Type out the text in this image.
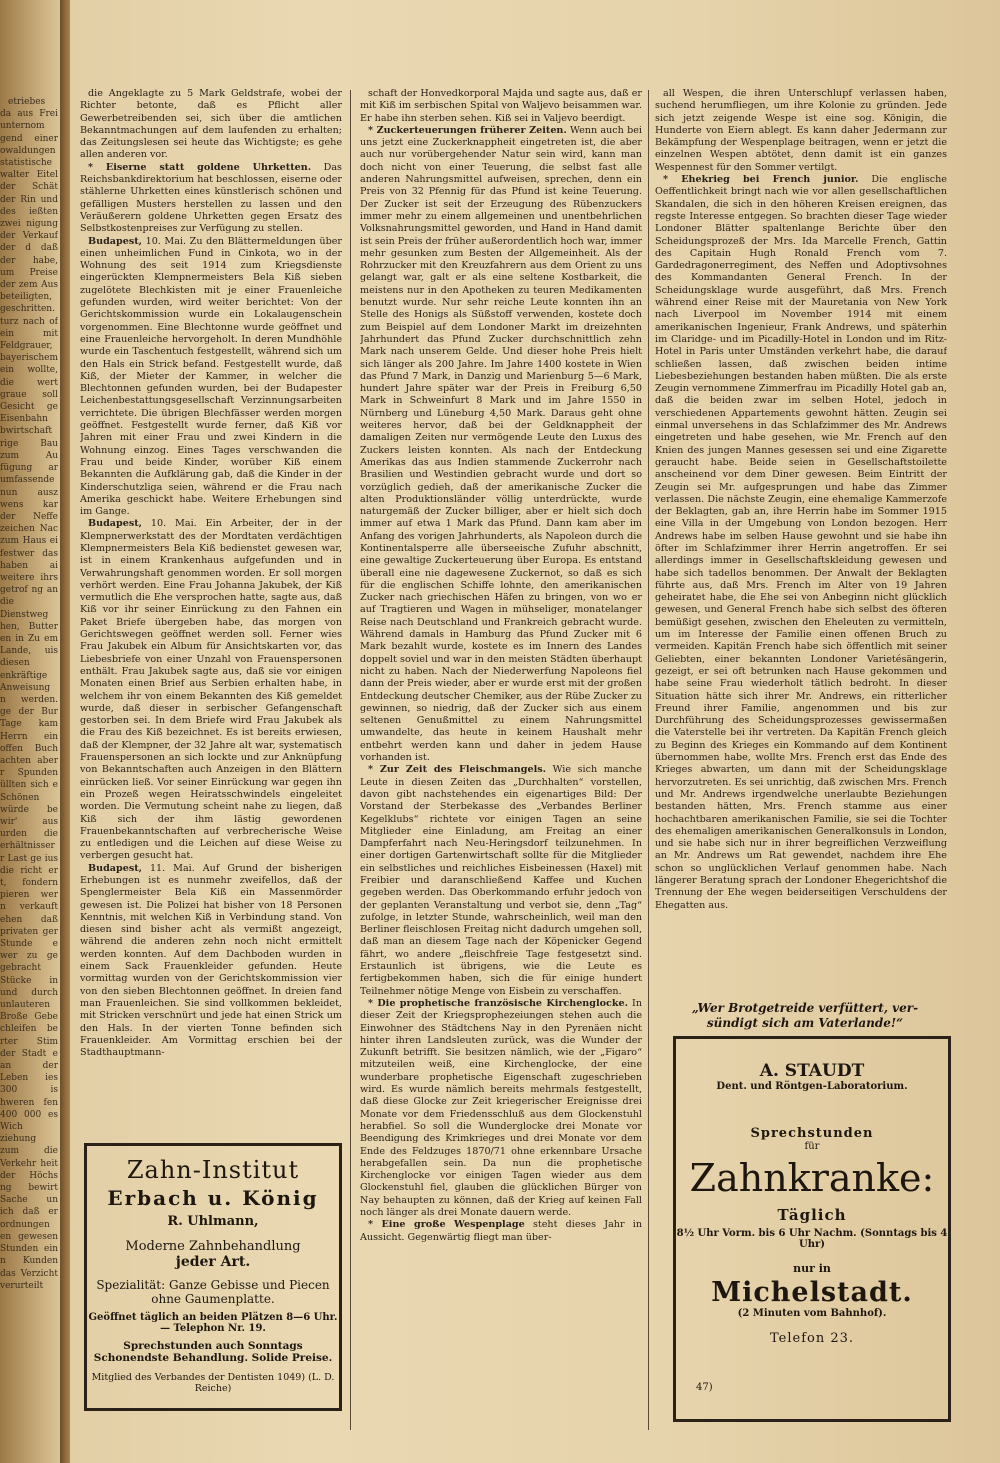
etriebes da aus Frei unternom gend einer owaldungen statistische walter Eitel der Schät der Rin und des ießten zwei nigung der Verkauf der d daß der habe, um Preise der zem Aus beteiligten, geschritten. turz nach of ein mit Feldgrauer, bayerischem ein wollte, die wert graue soll Gesicht ge Eisenbahn bwirtschaft rige Bau zum Au fügung ar umfassende nun ausz wens kar der Neffe zeichen Nac zum Haus ei festwer das haben ai weitere ihrs getrof ng an die Dienstweg hen, Butter en in Zu em Lande, uis diesen enkräftige Anweisung n werden. ge der Bur Tage kam Herrn ein offen Buch achten aber r Spunden üllten sich e Schönen würde be wir' aus urden die erhältnisser r Last ge ius die richt er t, fondern pieren wer n verkauft ehen daß privaten ger Stunde e wer zu ge gebracht Stücke in und durch unlauteren Broße Gebe chleifen be rter Stim der Stadt e an der Leben ies 300 is hweren fen 400 000 es Wich ziehung zum die Verkehr heit der Höchs ng bewirt Sache un ich daß er ordnungen en gewesen Stunden ein n Kunden das Verzicht verurteilt

die Angeklagte zu 5 Mark Geldstrafe, wobei der Richter betonte, daß es Pflicht aller Gewerbetreibenden sei, sich über die amtlichen Bekanntmachungen auf dem laufenden zu erhalten; das Zeitungslesen sei heute das Wichtigste; es gehe allen anderen vor.

* Eiserne statt goldene Uhrketten. Das Reichsbankdirektorium hat beschlossen, eiserne oder stählerne Uhrketten eines künstlerisch schönen und gefälligen Musters herstellen zu lassen und den Veräußerern goldene Uhrketten gegen Ersatz des Selbstkostenpreises zur Verfügung zu stellen.

Budapest, 10. Mai. Zu den Blättermeldungen über einen unheimlichen Fund in Cinkota, wo in der Wohnung des seit 1914 zum Kriegsdienste eingerückten Klempnermeisters Bela Kiß sieben zugelötete Blechkisten mit je einer Frauenleiche gefunden wurden, wird weiter berichtet: Von der Gerichtskommission wurde ein Lokalaugenschein vorgenommen. Eine Blechtonne wurde geöffnet und eine Frauenleiche hervorgeholt. In deren Mundhöhle wurde ein Taschentuch festgestellt, während sich um den Hals ein Strick befand. Festgestellt wurde, daß Kiß, der Mieter der Kammer, in welcher die Blechtonnen gefunden wurden, bei der Budapester Leichenbestattungsgesellschaft Verzinnungsarbeiten verrichtete. Die übrigen Blechfässer werden morgen geöffnet. Festgestellt wurde ferner, daß Kiß vor Jahren mit einer Frau und zwei Kindern in die Wohnung einzog. Eines Tages verschwanden die Frau und beide Kinder, worüber Kiß einem Bekannten die Aufklärung gab, daß die Kinder in der Kinderschutzliga seien, während er die Frau nach Amerika geschickt habe. Weitere Erhebungen sind im Gange.

Budapest, 10. Mai. Ein Arbeiter, der in der Klempnerwerkstatt des der Mordtaten verdächtigen Klempnermeisters Bela Kiß bedienstet gewesen war, ist in einem Krankenhaus aufgefunden und in Verwahrungshaft genommen worden. Er soll morgen verhört werden. Eine Frau Johanna Jakubek, der Kiß vermutlich die Ehe versprochen hatte, sagte aus, daß Kiß vor ihr seiner Einrückung zu den Fahnen ein Paket Briefe übergeben habe, das morgen von Gerichtswegen geöffnet werden soll. Ferner wies Frau Jakubek ein Album für Ansichtskarten vor, das Liebesbriefe von einer Unzahl von Frauenspersonen enthält. Frau Jakubek sagte aus, daß sie vor einigen Monaten einen Brief aus Serbien erhalten habe, in welchem ihr von einem Bekannten des Kiß gemeldet wurde, daß dieser in serbischer Gefangenschaft gestorben sei. In dem Briefe wird Frau Jakubek als die Frau des Kiß bezeichnet. Es ist bereits erwiesen, daß der Klempner, der 32 Jahre alt war, systematisch Frauenspersonen an sich lockte und zur Anknüpfung von Bekanntschaften auch Anzeigen in den Blättern einrücken ließ. Vor seiner Einrückung war gegen ihn ein Prozeß wegen Heiratsschwindels eingeleitet worden. Die Vermutung scheint nahe zu liegen, daß Kiß sich der ihm lästig gewordenen Frauenbekanntschaften auf verbrecherische Weise zu entledigen und die Leichen auf diese Weise zu verbergen gesucht hat.

Budapest, 11. Mai. Auf Grund der bisherigen Erhebungen ist es nunmehr zweifellos, daß der Spenglermeister Bela Kiß ein Massenmörder gewesen ist. Die Polizei hat bisher von 18 Personen Kenntnis, mit welchen Kiß in Verbindung stand. Von diesen sind bisher acht als vermißt angezeigt, während die anderen zehn noch nicht ermittelt werden konnten. Auf dem Dachboden wurden in einem Sack Frauenkleider gefunden. Heute vormittag wurden von der Gerichtskommission vier von den sieben Blechtonnen geöffnet. In dreien fand man Frauenleichen. Sie sind vollkommen bekleidet, mit Stricken verschnürt und jede hat einen Strick um den Hals. In der vierten Tonne befinden sich Frauenkleider. Am Vormittag erschien bei der Stadthauptmann-

schaft der Honvedkorporal Majda und sagte aus, daß er mit Kiß im serbischen Spital von Waljevo beisammen war. Er habe ihn sterben sehen. Kiß sei in Valjevo beerdigt.

* Zuckerteuerungen früherer Zeiten. Wenn auch bei uns jetzt eine Zuckerknappheit eingetreten ist, die aber auch nur vorübergehender Natur sein wird, kann man doch nicht von einer Teuerung, die selbst fast alle anderen Nahrungsmittel aufweisen, sprechen, denn ein Preis von 32 Pfennig für das Pfund ist keine Teuerung. Der Zucker ist seit der Erzeugung des Rübenzuckers immer mehr zu einem allgemeinen und unentbehrlichen Volksnahrungsmittel geworden, und Hand in Hand damit ist sein Preis der früher außerordentlich hoch war, immer mehr gesunken zum Besten der Allgemeinheit. Als der Rohrzucker mit den Kreuzfahrern aus dem Orient zu uns gelangt war, galt er als eine seltene Kostbarkeit, die meistens nur in den Apotheken zu teuren Medikamenten benutzt wurde. Nur sehr reiche Leute konnten ihn an Stelle des Honigs als Süßstoff verwenden, kostete doch zum Beispiel auf dem Londoner Markt im dreizehnten Jahrhundert das Pfund Zucker durchschnittlich zehn Mark nach unserem Gelde. Und dieser hohe Preis hielt sich länger als 200 Jahre. Im Jahre 1400 kostete in Wien das Pfund 7 Mark, in Danzig und Marienburg 5—6 Mark, hundert Jahre später war der Preis in Freiburg 6,50 Mark in Schweinfurt 8 Mark und im Jahre 1550 in Nürnberg und Lüneburg 4,50 Mark. Daraus geht ohne weiteres hervor, daß bei der Geldknappheit der damaligen Zeiten nur vermögende Leute den Luxus des Zuckers leisten konnten. Als nach der Entdeckung Amerikas das aus Indien stammende Zuckerrohr nach Brasilien und Westindien gebracht wurde und dort so vorzüglich gedieh, daß der amerikanische Zucker die alten Produktionsländer völlig unterdrückte, wurde naturgemäß der Zucker billiger, aber er hielt sich doch immer auf etwa 1 Mark das Pfund. Dann kam aber im Anfang des vorigen Jahrhunderts, als Napoleon durch die Kontinentalsperre alle überseeische Zufuhr abschnitt, eine gewaltige Zuckerteuerung über Europa. Es entstand überall eine nie dagewesene Zuckernot, so daß es sich für die englischen Schiffe lohnte, den amerikanischen Zucker nach griechischen Häfen zu bringen, von wo er auf Tragtieren und Wagen in mühseliger, monatelanger Reise nach Deutschland und Frankreich gebracht wurde. Während damals in Hamburg das Pfund Zucker mit 6 Mark bezahlt wurde, kostete es im Innern des Landes doppelt soviel und war in den meisten Städten überhaupt nicht zu haben. Nach der Niederwerfung Napoleons fiel dann der Preis wieder, aber er wurde erst mit der großen Entdeckung deutscher Chemiker, aus der Rübe Zucker zu gewinnen, so niedrig, daß der Zucker sich aus einem seltenen Genußmittel zu einem Nahrungsmittel umwandelte, das heute in keinem Haushalt mehr entbehrt werden kann und daher in jedem Hause vorhanden ist.

* Zur Zeit des Fleischmangels. Wie sich manche Leute in diesen Zeiten das „Durchhalten“ vorstellen, davon gibt nachstehendes ein eigenartiges Bild: Der Vorstand der Sterbekasse des „Verbandes Berliner Kegelklubs“ richtete vor einigen Tagen an seine Mitglieder eine Einladung, am Freitag an einer Dampferfahrt nach Neu-Heringsdorf teilzunehmen. In einer dortigen Gartenwirtschaft sollte für die Mitglieder ein selbstliches und reichliches Eisbeinessen (Haxel) mit Freibier und daranschließend Kaffee und Kuchen gegeben werden. Das Oberkommando erfuhr jedoch von der geplanten Veranstaltung und verbot sie, denn „Tag“ zufolge, in letzter Stunde, wahrscheinlich, weil man den Berliner fleischlosen Freitag nicht dadurch umgehen soll, daß man an diesem Tage nach der Köpenicker Gegend fährt, wo andere „fleischfreie Tage festgesetzt sind. Erstaunlich ist übrigens, wie die Leute es fertigbekommen haben, sich die für einige hundert Teilnehmer nötige Menge von Eisbein zu verschaffen.

* Die prophetische französische Kirchenglocke. In dieser Zeit der Kriegsprophezeiungen stehen auch die Einwohner des Städtchens Nay in den Pyrenäen nicht hinter ihren Landsleuten zurück, was die Wunder der Zukunft betrifft. Sie besitzen nämlich, wie der „Figaro“ mitzuteilen weiß, eine Kirchenglocke, der eine wunderbare prophetische Eigenschaft zugeschrieben wird. Es wurde nämlich bereits mehrmals festgestellt, daß diese Glocke zur Zeit kriegerischer Ereignisse drei Monate vor dem Friedensschluß aus dem Glockenstuhl herabfiel. So soll die Wunderglocke drei Monate vor Beendigung des Krimkrieges und drei Monate vor dem Ende des Feldzuges 1870/71 ohne erkennbare Ursache herabgefallen sein. Da nun die prophetische Kirchenglocke vor einigen Tagen wieder aus dem Glockenstuhl fiel, glauben die glücklichen Bürger von Nay behaupten zu können, daß der Krieg auf keinen Fall noch länger als drei Monate dauern werde.

* Eine große Wespenplage steht dieses Jahr in Aussicht. Gegenwärtig fliegt man über-

all Wespen, die ihren Unterschlupf verlassen haben, suchend herumfliegen, um ihre Kolonie zu gründen. Jede sich jetzt zeigende Wespe ist eine sog. Königin, die Hunderte von Eiern ablegt. Es kann daher Jedermann zur Bekämpfung der Wespenplage beitragen, wenn er jetzt die einzelnen Wespen abtötet, denn damit ist ein ganzes Wespennest für den Sommer vertilgt.

* Ehekrieg bei French junior. Die englische Oeffentlichkeit bringt nach wie vor allen gesellschaftlichen Skandalen, die sich in den höheren Kreisen ereignen, das regste Interesse entgegen. So brachten dieser Tage wieder Londoner Blätter spaltenlange Berichte über den Scheidungsprozeß der Mrs. Ida Marcelle French, Gattin des Capitain Hugh Ronald French vom 7. Gardedragonerregiment, des Neffen und Adoptivsohnes des Kommandanten General French. In der Scheidungsklage wurde ausgeführt, daß Mrs. French während einer Reise mit der Mauretania von New York nach Liverpool im November 1914 mit einem amerikanischen Ingenieur, Frank Andrews, und späterhin im Claridge- und im Picadilly-Hotel in London und im Ritz-Hotel in Paris unter Umständen verkehrt habe, die darauf schließen lassen, daß zwischen beiden intime Liebesbeziehungen bestanden haben müßten. Die als erste Zeugin vernommene Zimmerfrau im Picadilly Hotel gab an, daß die beiden zwar im selben Hotel, jedoch in verschiedenen Appartements gewohnt hätten. Zeugin sei einmal unversehens in das Schlafzimmer des Mr. Andrews eingetreten und habe gesehen, wie Mr. French auf den Knien des jungen Mannes gesessen sei und eine Zigarette geraucht habe. Beide seien in Gesellschaftstoilette anscheinend vor dem Diner gewesen. Beim Eintritt der Zeugin sei Mr. aufgesprungen und habe das Zimmer verlassen. Die nächste Zeugin, eine ehemalige Kammerzofe der Beklagten, gab an, ihre Herrin habe im Sommer 1915 eine Villa in der Umgebung von London bezogen. Herr Andrews habe im selben Hause gewohnt und sie habe ihn öfter im Schlafzimmer ihrer Herrin angetroffen. Er sei allerdings immer in Gesellschaftskleidung gewesen und habe sich tadellos benommen. Der Anwalt der Beklagten führte aus, daß Mrs. French im Alter von 19 Jahren geheiratet habe, die Ehe sei von Anbeginn nicht glücklich gewesen, und General French habe sich selbst des öfteren bemüßigt gesehen, zwischen den Eheleuten zu vermitteln, um im Interesse der Familie einen offenen Bruch zu vermeiden. Kapitän French habe sich öffentlich mit seiner Geliebten, einer bekannten Londoner Varietésängerin, gezeigt, er sei oft betrunken nach Hause gekommen und habe seine Frau wiederholt tätlich bedroht. In dieser Situation hätte sich ihrer Mr. Andrews, ein ritterlicher Freund ihrer Familie, angenommen und bis zur Durchführung des Scheidungsprozesses gewissermaßen die Vaterstelle bei ihr vertreten. Da Kapitän French gleich zu Beginn des Krieges ein Kommando auf dem Kontinent übernommen habe, wollte Mrs. French erst das Ende des Krieges abwarten, um dann mit der Scheidungsklage hervorzutreten. Es sei unrichtig, daß zwischen Mrs. French und Mr. Andrews irgendwelche unerlaubte Beziehungen bestanden hätten, Mrs. French stamme aus einer hochachtbaren amerikanischen Familie, sie sei die Tochter des ehemaligen amerikanischen Generalkonsuls in London, und sie habe sich nur in ihrer begreiflichen Verzweiflung an Mr. Andrews um Rat gewendet, nachdem ihre Ehe schon so unglücklichen Verlauf genommen habe. Nach längerer Beratung sprach der Londoner Ehegerichtshof die Trennung der Ehe wegen beiderseitigen Verschuldens der Ehegatten aus.

„Wer Brotgetreide verfüttert, ver-
sündigt sich am Vaterlande!“
Zahn-Institut
Erbach u. König
R. Uhlmann,
Moderne Zahnbehandlung
jeder Art.
Spezialität: Ganze Gebisse und Piecen ohne Gaumenplatte.
Geöffnet täglich an beiden Plätzen 8—6 Uhr. — Telephon Nr. 19.
Sprechstunden auch Sonntags Schonendste Behandlung. Solide Preise.
Mitglied des Verbandes der Dentisten 1049) (L. D. Reiche)
A. STAUDT
Dent. und Röntgen-Laboratorium.
Sprechstunden
für
Zahnkranke:
Täglich
8½ Uhr Vorm. bis 6 Uhr Nachm. (Sonntags bis 4 Uhr)
nur in
Michelstadt.
(2 Minuten vom Bahnhof).
Telefon 23.
47)
